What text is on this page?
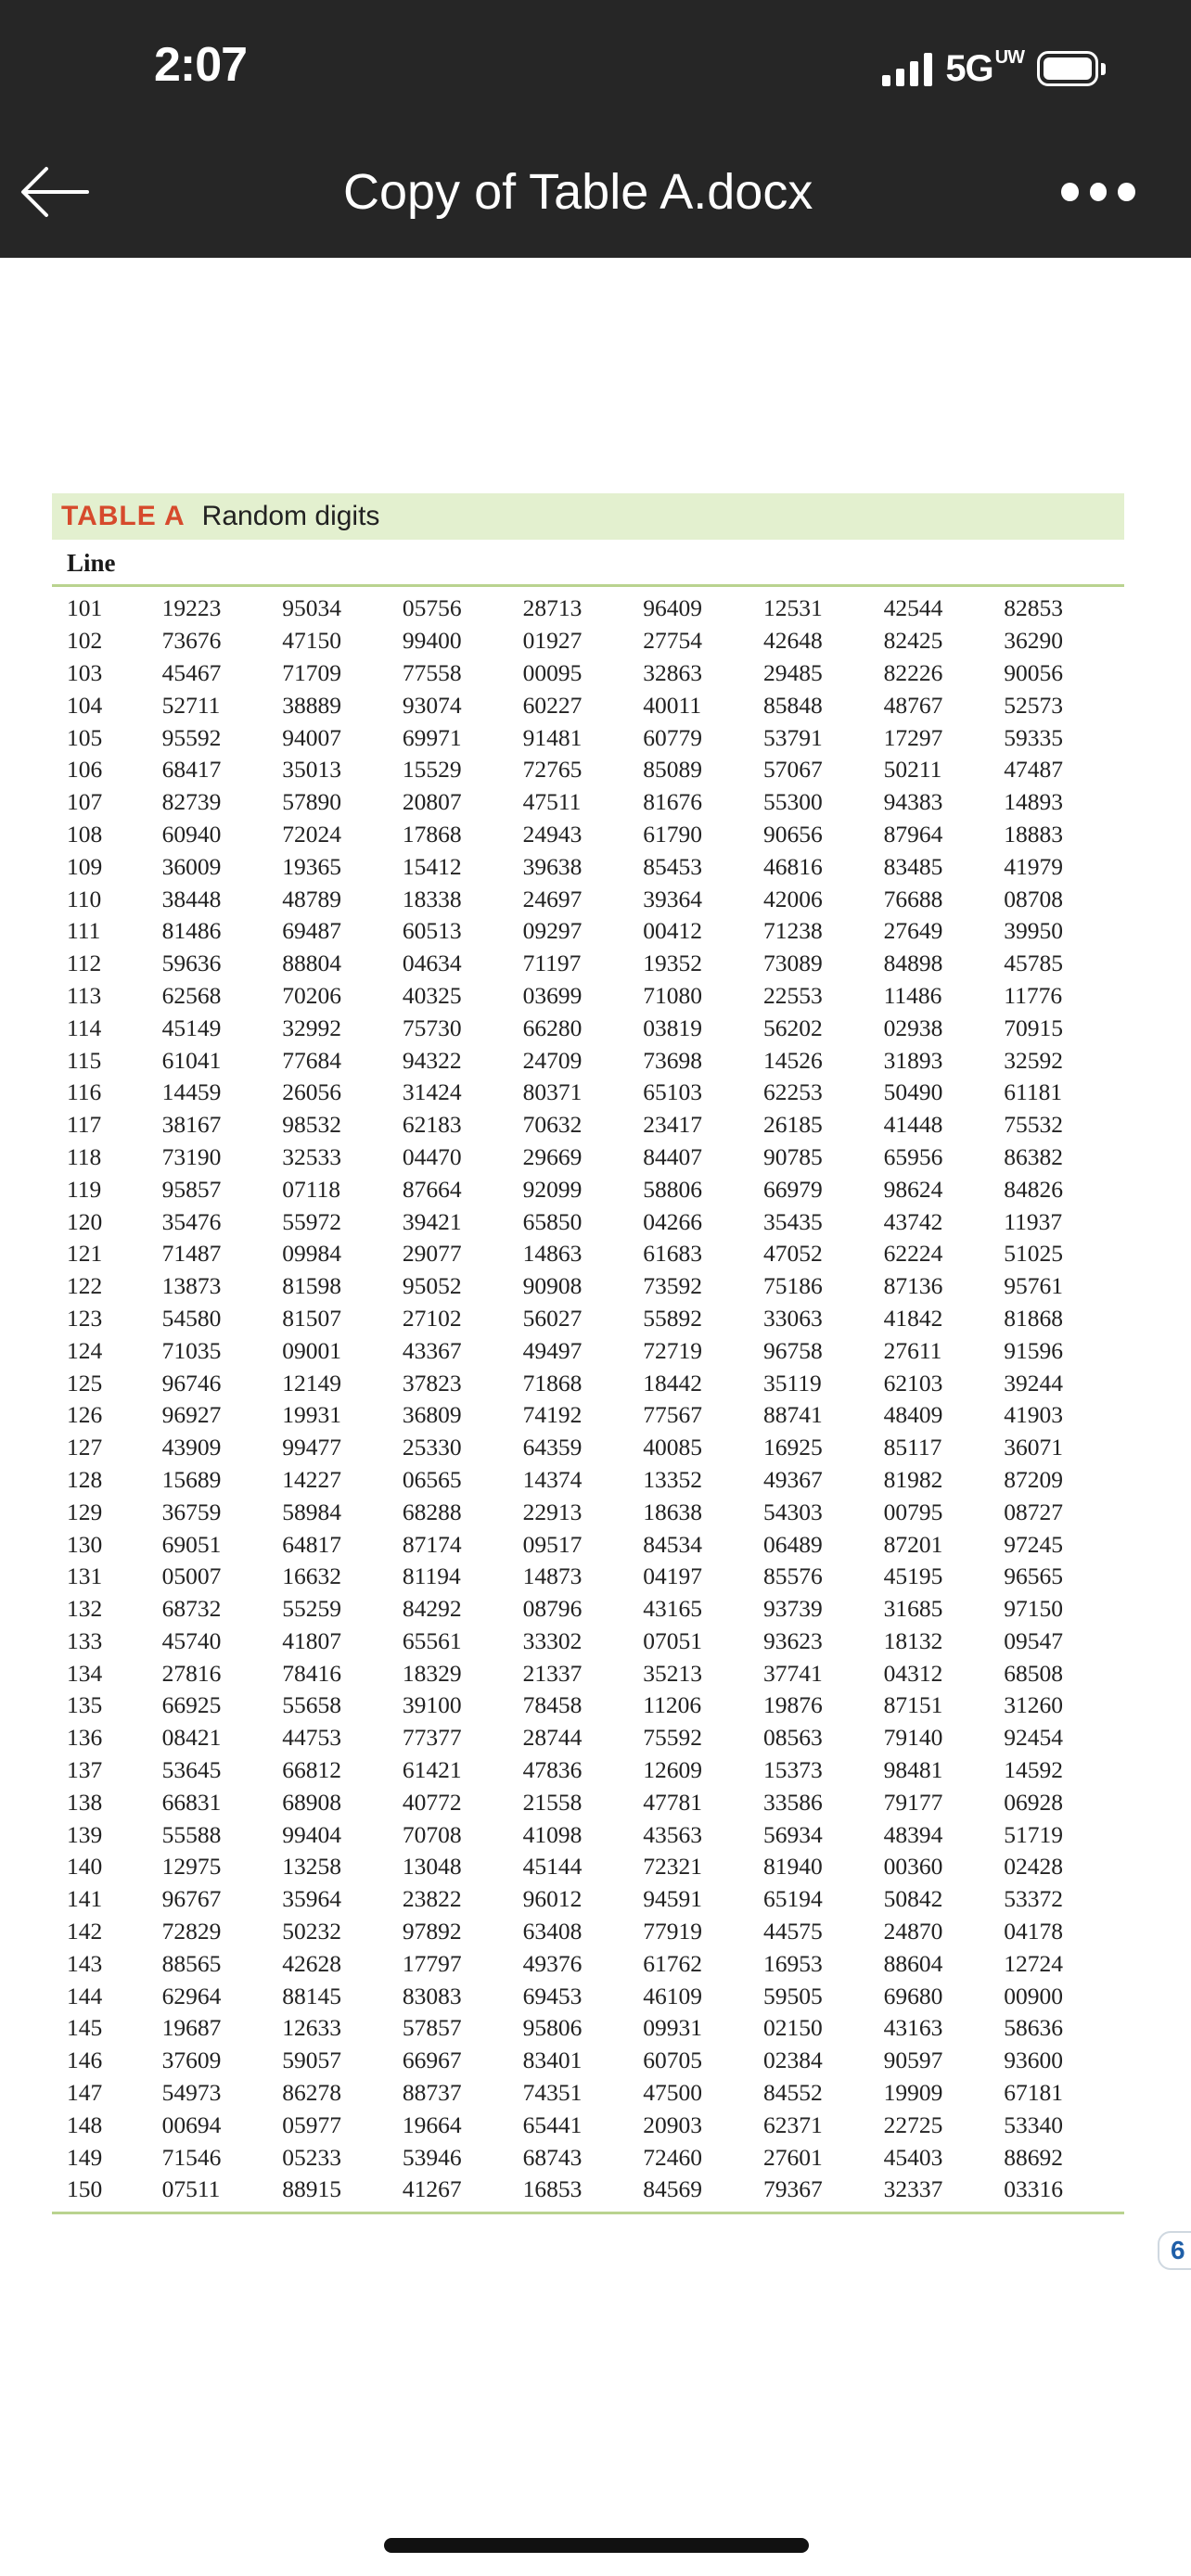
2:07	5G UW
Copy of Table A.docx
TABLE A Random digits
Line
101	19223	95034	05756	28713	96409	12531	42544	82853
102	73676	47150	99400	01927	27754	42648	82425	36290
103	45467	71709	77558	00095	32863	29485	82226	90056
104	52711	38889	93074	60227	40011	85848	48767	52573
105	95592	94007	69971	91481	60779	53791	17297	59335
106	68417	35013	15529	72765	85089	57067	50211	47487
107	82739	57890	20807	47511	81676	55300	94383	14893
108	60940	72024	17868	24943	61790	90656	87964	18883
109	36009	19365	15412	39638	85453	46816	83485	41979
110	38448	48789	18338	24697	39364	42006	76688	08708
111	81486	69487	60513	09297	00412	71238	27649	39950
112	59636	88804	04634	71197	19352	73089	84898	45785
113	62568	70206	40325	03699	71080	22553	11486	11776
114	45149	32992	75730	66280	03819	56202	02938	70915
115	61041	77684	94322	24709	73698	14526	31893	32592
116	14459	26056	31424	80371	65103	62253	50490	61181
117	38167	98532	62183	70632	23417	26185	41448	75532
118	73190	32533	04470	29669	84407	90785	65956	86382
119	95857	07118	87664	92099	58806	66979	98624	84826
120	35476	55972	39421	65850	04266	35435	43742	11937
121	71487	09984	29077	14863	61683	47052	62224	51025
122	13873	81598	95052	90908	73592	75186	87136	95761
123	54580	81507	27102	56027	55892	33063	41842	81868
124	71035	09001	43367	49497	72719	96758	27611	91596
125	96746	12149	37823	71868	18442	35119	62103	39244
126	96927	19931	36809	74192	77567	88741	48409	41903
127	43909	99477	25330	64359	40085	16925	85117	36071
128	15689	14227	06565	14374	13352	49367	81982	87209
129	36759	58984	68288	22913	18638	54303	00795	08727
130	69051	64817	87174	09517	84534	06489	87201	97245
131	05007	16632	81194	14873	04197	85576	45195	96565
132	68732	55259	84292	08796	43165	93739	31685	97150
133	45740	41807	65561	33302	07051	93623	18132	09547
134	27816	78416	18329	21337	35213	37741	04312	68508
135	66925	55658	39100	78458	11206	19876	87151	31260
136	08421	44753	77377	28744	75592	08563	79140	92454
137	53645	66812	61421	47836	12609	15373	98481	14592
138	66831	68908	40772	21558	47781	33586	79177	06928
139	55588	99404	70708	41098	43563	56934	48394	51719
140	12975	13258	13048	45144	72321	81940	00360	02428
141	96767	35964	23822	96012	94591	65194	50842	53372
142	72829	50232	97892	63408	77919	44575	24870	04178
143	88565	42628	17797	49376	61762	16953	88604	12724
144	62964	88145	83083	69453	46109	59505	69680	00900
145	19687	12633	57857	95806	09931	02150	43163	58636
146	37609	59057	66967	83401	60705	02384	90597	93600
147	54973	86278	88737	74351	47500	84552	19909	67181
148	00694	05977	19664	65441	20903	62371	22725	53340
149	71546	05233	53946	68743	72460	27601	45403	88692
150	07511	88915	41267	16853	84569	79367	32337	03316
6
